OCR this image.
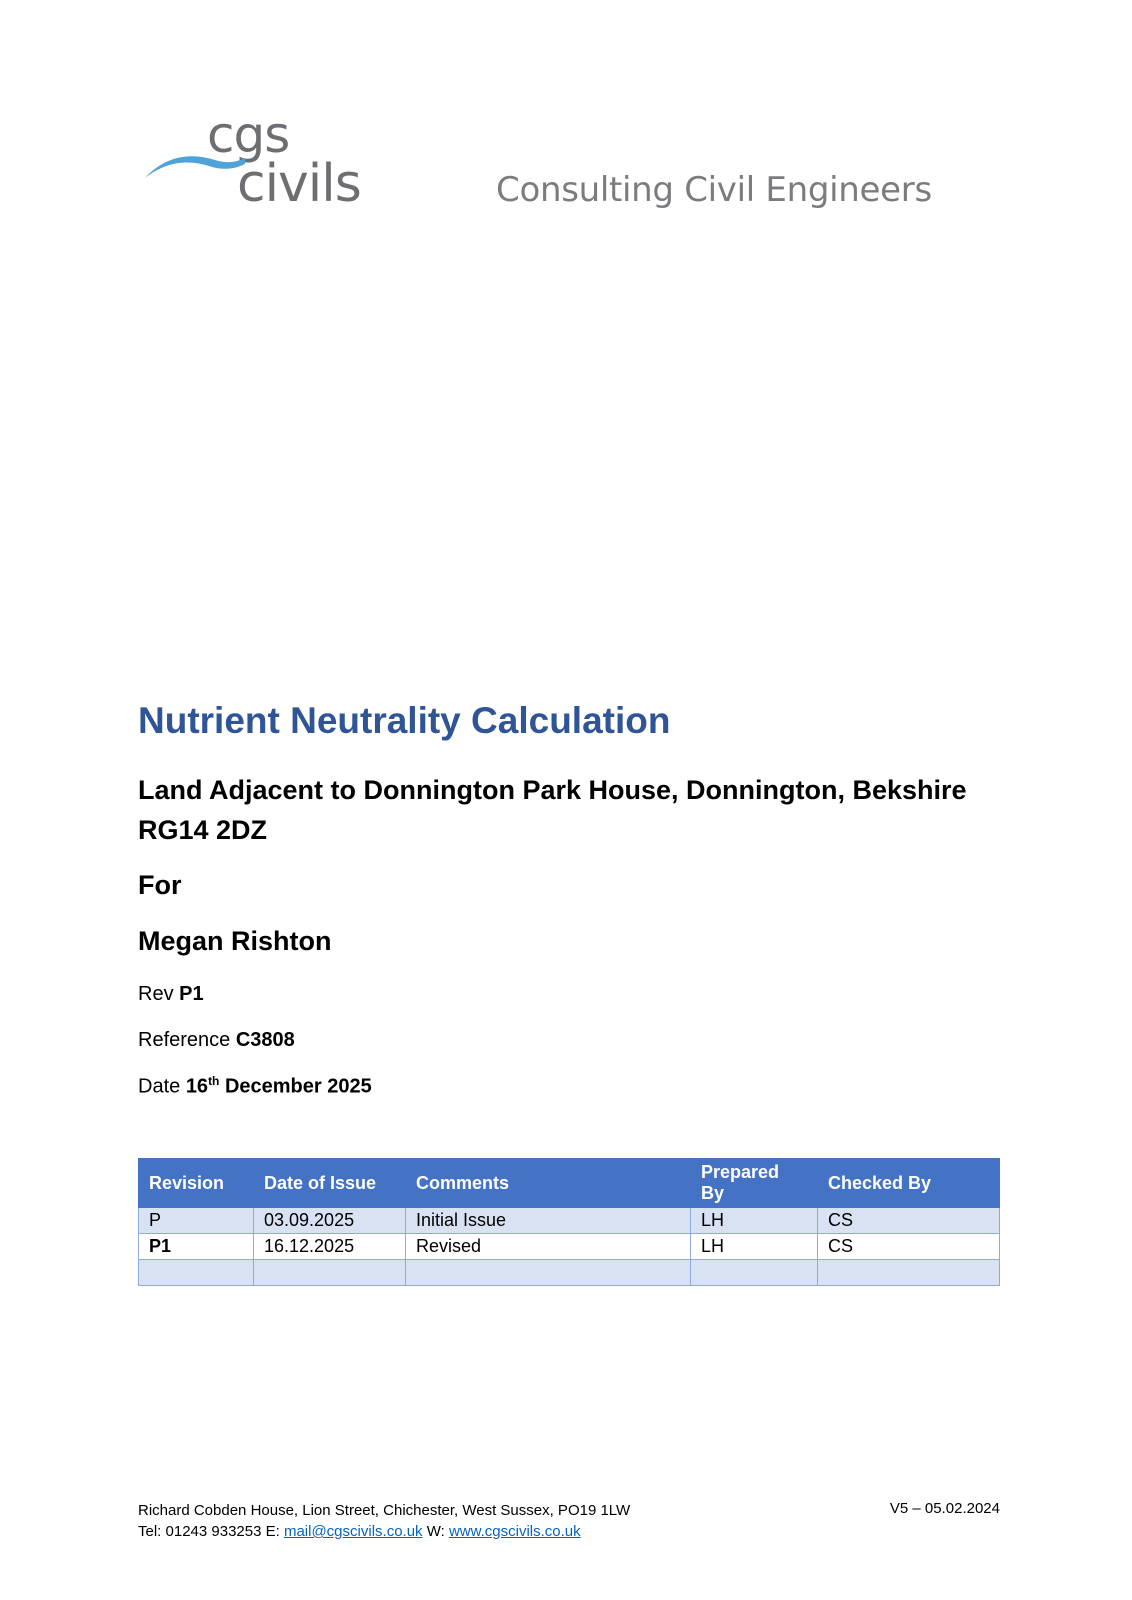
cgs
civils	Consulting Civil Engineers
Nutrient Neutrality Calculation
Land Adjacent to Donnington Park House, Donnington, Bekshire RG14 2DZ
For
Megan Rishton
Rev P1
Reference C3808
Date 16th December 2025
Revision	Date of Issue	Comments	Prepared By	Checked By
P	03.09.2025	Initial Issue	LH	CS
P1	16.12.2025	Revised	LH	CS

Richard Cobden House, Lion Street, Chichester, West Sussex, PO19 1LW
Tel: 01243 933253 E: mail@cgscivils.co.uk W: www.cgscivils.co.uk
V5 – 05.02.2024
